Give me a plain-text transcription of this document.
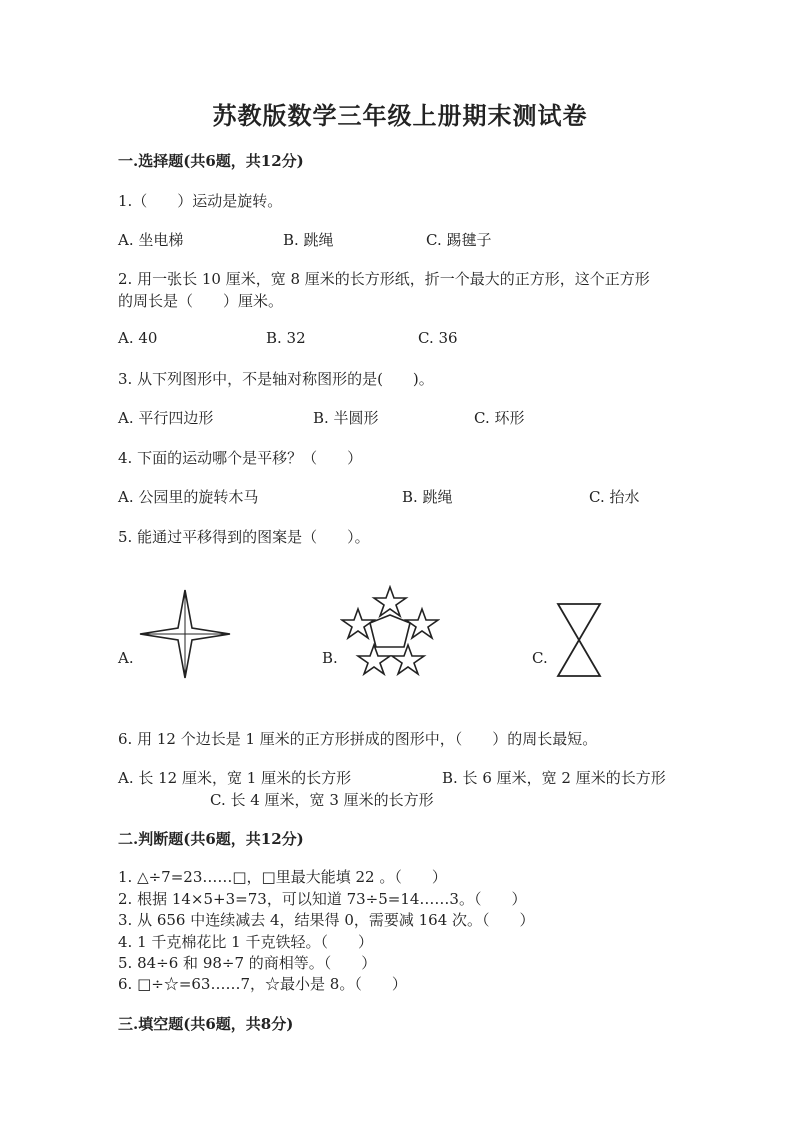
苏教版数学三年级上册期末测试卷
一.选择题(共6题，共12分)
1.（　　）运动是旋转。
A. 坐电梯	B. 跳绳	C. 踢毽子
2. 用一张长 10 厘米，宽 8 厘米的长方形纸，折一个最大的正方形，这个正方形
的周长是（　　）厘米。
A. 40	B. 32	C. 36
3. 从下列图形中，不是轴对称图形的是(　　)。
A. 平行四边形	B. 半圆形	C. 环形
4. 下面的运动哪个是平移？（　　）
A. 公园里的旋转木马	B. 跳绳	C. 抬水
5. 能通过平移得到的图案是（　　）。
A.	B.	C.
6. 用 12 个边长是 1 厘米的正方形拼成的图形中，（　　）的周长最短。
A. 长 12 厘米，宽 1 厘米的长方形	B. 长 6 厘米，宽 2 厘米的长方形
C. 长 4 厘米，宽 3 厘米的长方形
二.判断题(共6题，共12分)
1. △÷7=23……□，□里最大能填 22 。（　　）
2. 根据 14×5+3=73，可以知道 73÷5=14……3。（　　）
3. 从 656 中连续减去 4，结果得 0，需要减 164 次。（　　）
4. 1 千克棉花比 1 千克铁轻。（　　）
5. 84÷6 和 98÷7 的商相等。（　　）
6. □÷☆=63……7，☆最小是 8。（　　）
三.填空题(共6题，共8分)
